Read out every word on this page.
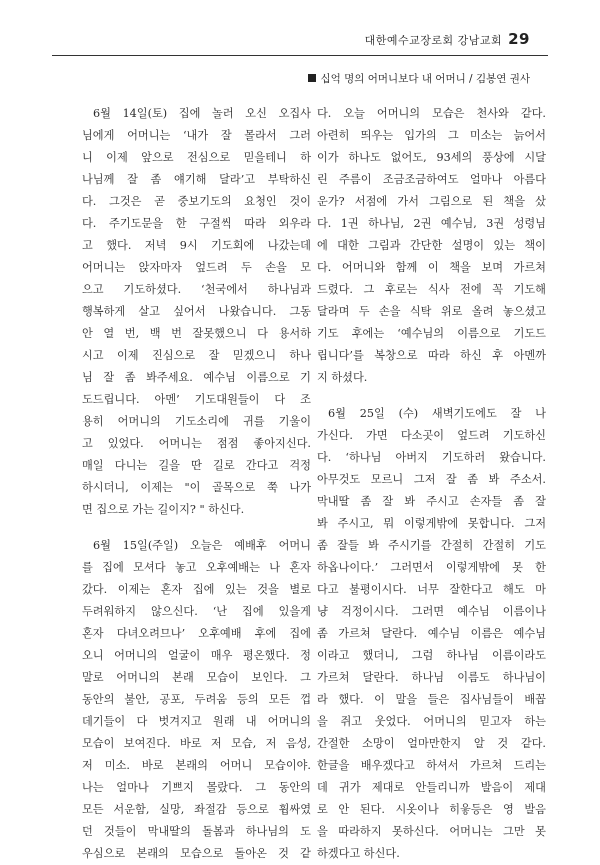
대한예수교장로회 강남교회 29
십억 명의 어머니보다 내 어머니 / 김봉연 권사
6월 14일(토) 집에 놀러 오신 오집사
님에게 어머니는 ‘내가 잘 몰라서 그러
니 이제 앞으로 전심으로 믿을테니 하
나님께 잘 좀 얘기해 달라’고 부탁하신
다. 그것은 곧 중보기도의 요청인 것이
다. 주기도문을 한 구절씩 따라 외우라
고 했다. 저녁 9시 기도회에 나갔는데
어머니는 앉자마자 엎드려 두 손을 모
으고 기도하셨다. ‘천국에서 하나님과
행복하게 살고 싶어서 나왔습니다. 그동
안 열 번, 백 번 잘못했으니 다 용서하
시고 이제 진심으로 잘 믿겠으니 하나
님 잘 좀 봐주세요. 예수님 이름으로 기
도드립니다. 아멘’ 기도대원들이 다 조
용히 어머니의 기도소리에 귀를 기울이
고 있었다. 어머니는 점점 좋아지신다.
매일 다니는 길을 딴 길로 간다고 걱정
하시더니, 이제는 "이 골목으로 쭉 나가
면 집으로 가는 길이지? " 하신다.
6월 15일(주일) 오늘은 예배후 어머니
를 집에 모셔다 놓고 오후예배는 나 혼자
갔다. 이제는 혼자 집에 있는 것을 별로
두려워하지 않으신다. ‘난 집에 있을게
혼자 다녀오려므나’ 오후예배 후에 집에
오니 어머니의 얼굴이 매우 평온했다. 정
말로 어머니의 본래 모습이 보인다. 그
동안의 불안, 공포, 두려움 등의 모든 껍
데기들이 다 벗겨지고 원래 내 어머니의
모습이 보여진다. 바로 저 모습, 저 음성,
저 미소. 바로 본래의 어머니 모습이야.
나는 얼마나 기쁘지 몰랐다. 그 동안의
모든 서운함, 실망, 좌절감 등으로 휩싸였
던 것들이 막내딸의 돌봄과 하나님의 도
우심으로 본래의 모습으로 돌아온 것 같
다. 오늘 어머니의 모습은 천사와 같다.
아련히 띄우는 입가의 그 미소는 늙어서
이가 하나도 없어도, 93세의 풍상에 시달
린 주름이 조금조금하여도 얼마나 아름다
운가? 서점에 가서 그림으로 된 책을 샀
다. 1권 하나님, 2권 예수님, 3권 성령님
에 대한 그림과 간단한 설명이 있는 책이
다. 어머니와 함께 이 책을 보며 가르쳐
드렸다. 그 후로는 식사 전에 꼭 기도해
달라며 두 손을 식탁 위로 올려 놓으셨고
기도 후에는 ‘예수님의 이름으로 기도드
립니다’를 복창으로 따라 하신 후 아멘까
지 하셨다.
6월 25일 (수) 새벽기도에도 잘 나
가신다. 가면 다소곳이 엎드려 기도하신
다. ‘하나님 아버지 기도하러 왔습니다.
아무것도 모르니 그저 잘 좀 봐 주소서.
막내딸 좀 잘 봐 주시고 손자들 좀 잘
봐 주시고, 뭐 이렇게밖에 못합니다. 그저
좀 잘들 봐 주시기를 간절히 간절히 기도
하옵나이다.’ 그러면서 이렇게밖에 못 한
다고 불평이시다. 너무 잘한다고 해도 마
냥 걱정이시다. 그러면 예수님 이름이나
좀 가르쳐 달란다. 예수님 이름은 예수님
이라고 했더니, 그럼 하나님 이름이라도
가르쳐 달란다. 하나님 이름도 하나님이
라 했다. 이 말을 들은 집사님들이 배꼽
을 쥐고 웃었다. 어머니의 믿고자 하는
간절한 소망이 얼마만한지 알 것 같다.
한글을 배우겠다고 하셔서 가르쳐 드리는
데 귀가 제대로 안들리니까 발음이 제대
로 안 된다. 시옷이나 히읗등은 영 발음
을 따라하지 못하신다. 어머니는 그만 못
하겠다고 하신다.
